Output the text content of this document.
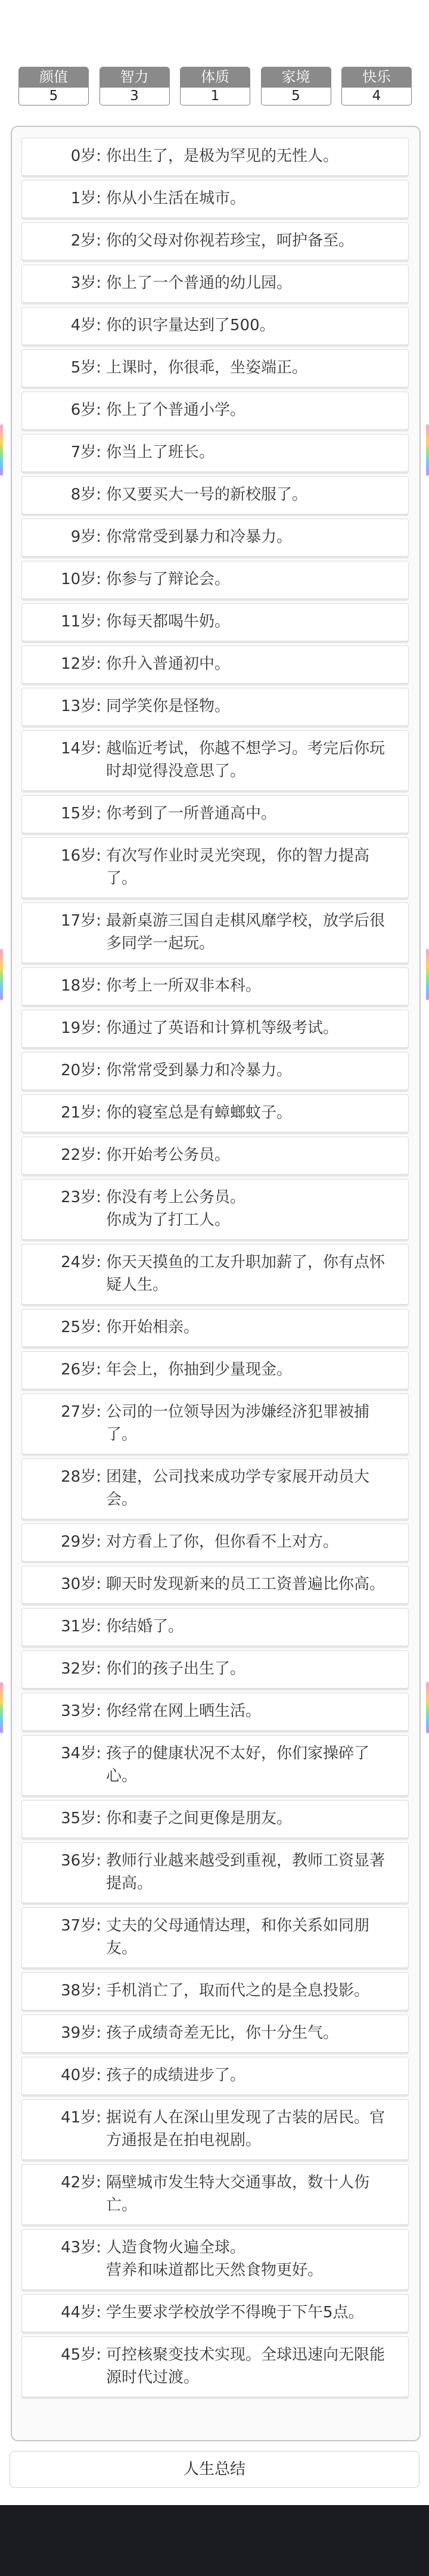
颜值
5
智力
3
体质
1
家境
5
快乐
4
0岁: 你出生了，是极为罕见的无性人。
1岁: 你从小生活在城市。
2岁: 你的父母对你视若珍宝，呵护备至。
3岁: 你上了一个普通的幼儿园。
4岁: 你的识字量达到了500。
5岁: 上课时，你很乖，坐姿端正。
6岁: 你上了个普通小学。
7岁: 你当上了班长。
8岁: 你又要买大一号的新校服了。
9岁: 你常常受到暴力和冷暴力。
10岁: 你参与了辩论会。
11岁: 你每天都喝牛奶。
12岁: 你升入普通初中。
13岁: 同学笑你是怪物。
14岁: 越临近考试，你越不想学习。考完后你玩
时却觉得没意思了。
15岁: 你考到了一所普通高中。
16岁: 有次写作业时灵光突现，你的智力提高
了。
17岁: 最新桌游三国自走棋风靡学校，放学后很
多同学一起玩。
18岁: 你考上一所双非本科。
19岁: 你通过了英语和计算机等级考试。
20岁: 你常常受到暴力和冷暴力。
21岁: 你的寝室总是有蟑螂蚊子。
22岁: 你开始考公务员。
23岁: 你没有考上公务员。
你成为了打工人。
24岁: 你天天摸鱼的工友升职加薪了，你有点怀
疑人生。
25岁: 你开始相亲。
26岁: 年会上，你抽到少量现金。
27岁: 公司的一位领导因为涉嫌经济犯罪被捕
了。
28岁: 团建，公司找来成功学专家展开动员大
会。
29岁: 对方看上了你，但你看不上对方。
30岁: 聊天时发现新来的员工工资普遍比你高。
31岁: 你结婚了。
32岁: 你们的孩子出生了。
33岁: 你经常在网上晒生活。
34岁: 孩子的健康状况不太好，你们家操碎了
心。
35岁: 你和妻子之间更像是朋友。
36岁: 教师行业越来越受到重视，教师工资显著
提高。
37岁: 丈夫的父母通情达理，和你关系如同朋
友。
38岁: 手机消亡了，取而代之的是全息投影。
39岁: 孩子成绩奇差无比，你十分生气。
40岁: 孩子的成绩进步了。
41岁: 据说有人在深山里发现了古装的居民。官
方通报是在拍电视剧。
42岁: 隔壁城市发生特大交通事故，数十人伤
亡。
43岁: 人造食物火遍全球。
营养和味道都比天然食物更好。
44岁: 学生要求学校放学不得晚于下午5点。
45岁: 可控核聚变技术实现。全球迅速向无限能
源时代过渡。
人生总结
